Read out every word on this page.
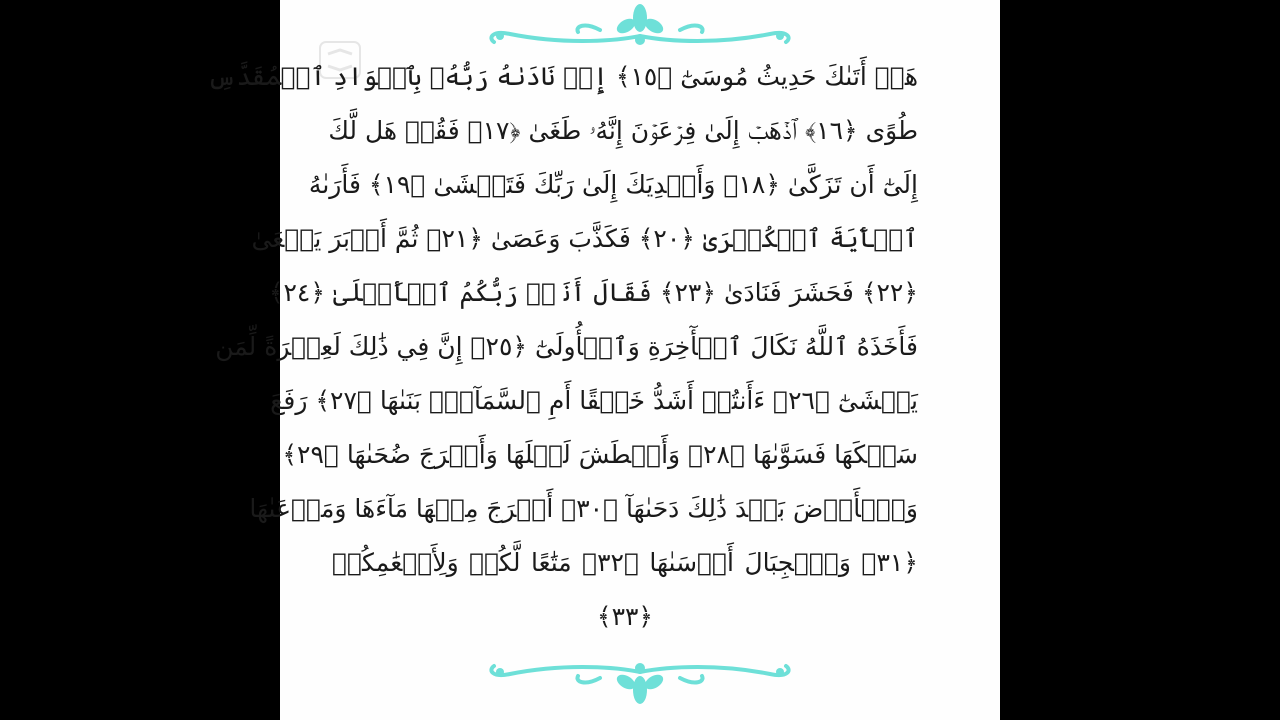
هَلۡ أَتَىٰكَ حَدِيثُ مُوسَىٰٓ ﴿١٥﴾ إِذۡ نَادَىٰهُ رَبُّهُۥ بِٱلۡوَادِ ٱلۡمُقَدَّسِ
طُوًى ﴿١٦﴾ ٱذۡهَبۡ إِلَىٰ فِرۡعَوۡنَ إِنَّهُۥ طَغَىٰ ﴿١٧﴾ فَقُلۡ هَل لَّكَ
إِلَىٰٓ أَن تَزَكَّىٰ ﴿١٨﴾ وَأَهۡدِيَكَ إِلَىٰ رَبِّكَ فَتَخۡشَىٰ ﴿١٩﴾ فَأَرَىٰهُ
ٱلۡأٓيَةَ ٱلۡكُبۡرَىٰ ﴿٢٠﴾ فَكَذَّبَ وَعَصَىٰ ﴿٢١﴾ ثُمَّ أَدۡبَرَ يَسۡعَىٰ
﴿٢٢﴾ فَحَشَرَ فَنَادَىٰ ﴿٢٣﴾ فَقَالَ أَنَا۠ رَبُّكُمُ ٱلۡأَعۡلَىٰ ﴿٢٤﴾
فَأَخَذَهُ ٱللَّهُ نَكَالَ ٱلۡأٓخِرَةِ وَٱلۡأُولَىٰٓ ﴿٢٥﴾ إِنَّ فِي ذَٰلِكَ لَعِبۡرَةً لِّمَن
يَخۡشَىٰٓ ﴿٢٦﴾ ءَأَنتُمۡ أَشَدُّ خَلۡقًا أَمِ ٱلسَّمَآءُۚ بَنَىٰهَا ﴿٢٧﴾ رَفَعَ
سَمۡكَهَا فَسَوَّىٰهَا ﴿٢٨﴾ وَأَغۡطَشَ لَيۡلَهَا وَأَخۡرَجَ ضُحَىٰهَا ﴿٢٩﴾
وَٱلۡأَرۡضَ بَعۡدَ ذَٰلِكَ دَحَىٰهَآ ﴿٣٠﴾ أَخۡرَجَ مِنۡهَا مَآءَهَا وَمَرۡعَىٰهَا
﴿٣١﴾ وَٱلۡجِبَالَ أَرۡسَىٰهَا ﴿٣٢﴾ مَتَٰعًا لَّكُمۡ وَلِأَنۡعَٰمِكُمۡ
﴿٣٣﴾
